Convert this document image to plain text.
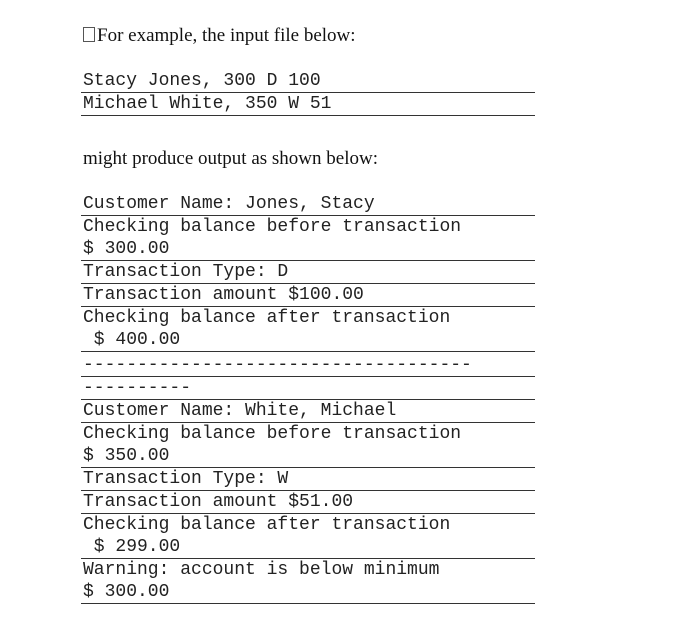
For example, the input file below:
Stacy Jones, 300 D 100
Michael White, 350 W 51
might produce output as shown below:
Customer Name: Jones, Stacy
Checking balance before transaction
$ 300.00
Transaction Type: D
Transaction amount $100.00
Checking balance after transaction
$ 400.00
------------------------------------
----------
Customer Name: White, Michael
Checking balance before transaction
$ 350.00
Transaction Type: W
Transaction amount $51.00
Checking balance after transaction
$ 299.00
Warning: account is below minimum
$ 300.00
